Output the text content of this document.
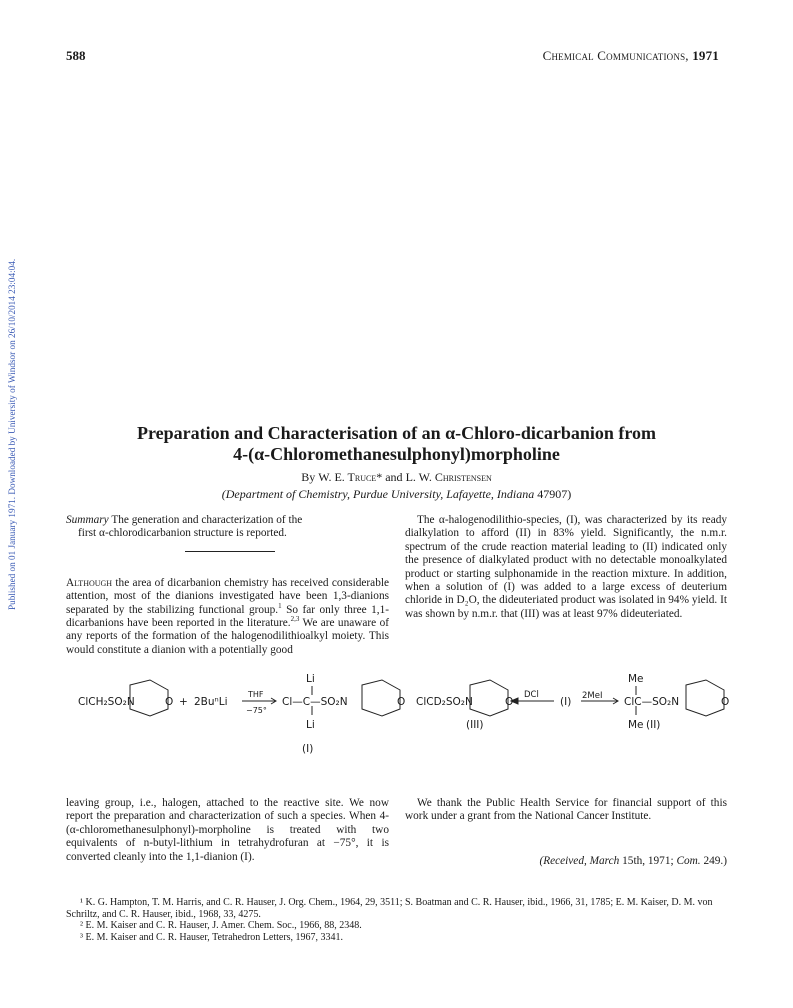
588	Chemical Communications, 1971
Published on 01 January 1971. Downloaded by University of Windsor on 26/10/2014 23:04:04.	Preparation and Characterisation of an α-Chloro-dicarbanion from
4-(α-Chloromethanesulphonyl)morpholine
By W. E. Truce* and L. W. Christensen
(Department of Chemistry, Purdue University, Lafayette, Indiana 47907)

Summary The generation and characterization of the
first α-chlorodicarbanion structure is reported.

Although the area of dicarbanion chemistry has received considerable attention, most of the dianions investigated have been 1,3-dianions separated by the stabilizing functional group.$^1$ So far only three 1,1-dicarbanions have been reported in the literature.$^{2,3}$ We are unaware of any reports of the formation of the halogenodilithioalkyl moiety. This would constitute a dianion with a potentially good

The α-halogenodilithio-species, (I), was characterized by its ready dialkylation to afford (II) in 83% yield. Significantly, the n.m.r. spectrum of the crude reaction material leading to (II) indicated only the presence of dialkylated product with no detectable monoalkylated product or starting sulphonamide in the reaction mixture. In addition, when a solution of (I) was added to a large excess of deuterium chloride in D₂O, the dideuteriated product was isolated in 94% yield. It was shown by n.m.r. that (III) was at least 97% dideuteriated.

ClCH₂SO₂N	O + 2BuⁿLi
THF
−75°
Li
Cl—C—SO₂N	O
Li
(I)
ClCD₂SO₂N	O
DCl
(I) 2MeI
Me
ClC—SO₂N	O
Me
(III)	(II)

leaving group, i.e., halogen, attached to the reactive site. We now report the preparation and characterization of such a species. When 4-(α-chloromethanesulphonyl)-morpholine is treated with two equivalents of n-butyl-lithium in tetrahydrofuran at −75°, it is converted cleanly into the 1,1-dianion (I).

We thank the Public Health Service for financial support of this work under a grant from the National Cancer Institute.

(Received, March 15th, 1971; Com. 249.)
¹ K. G. Hampton, T. M. Harris, and C. R. Hauser, J. Org. Chem., 1964, 29, 3511; S. Boatman and C. R. Hauser, ibid., 1966, 31, 1785; E. M. Kaiser, D. M. von Schriltz, and C. R. Hauser, ibid., 1968, 33, 4275.
² E. M. Kaiser and C. R. Hauser, J. Amer. Chem. Soc., 1966, 88, 2348.
³ E. M. Kaiser and C. R. Hauser, Tetrahedron Letters, 1967, 3341.
